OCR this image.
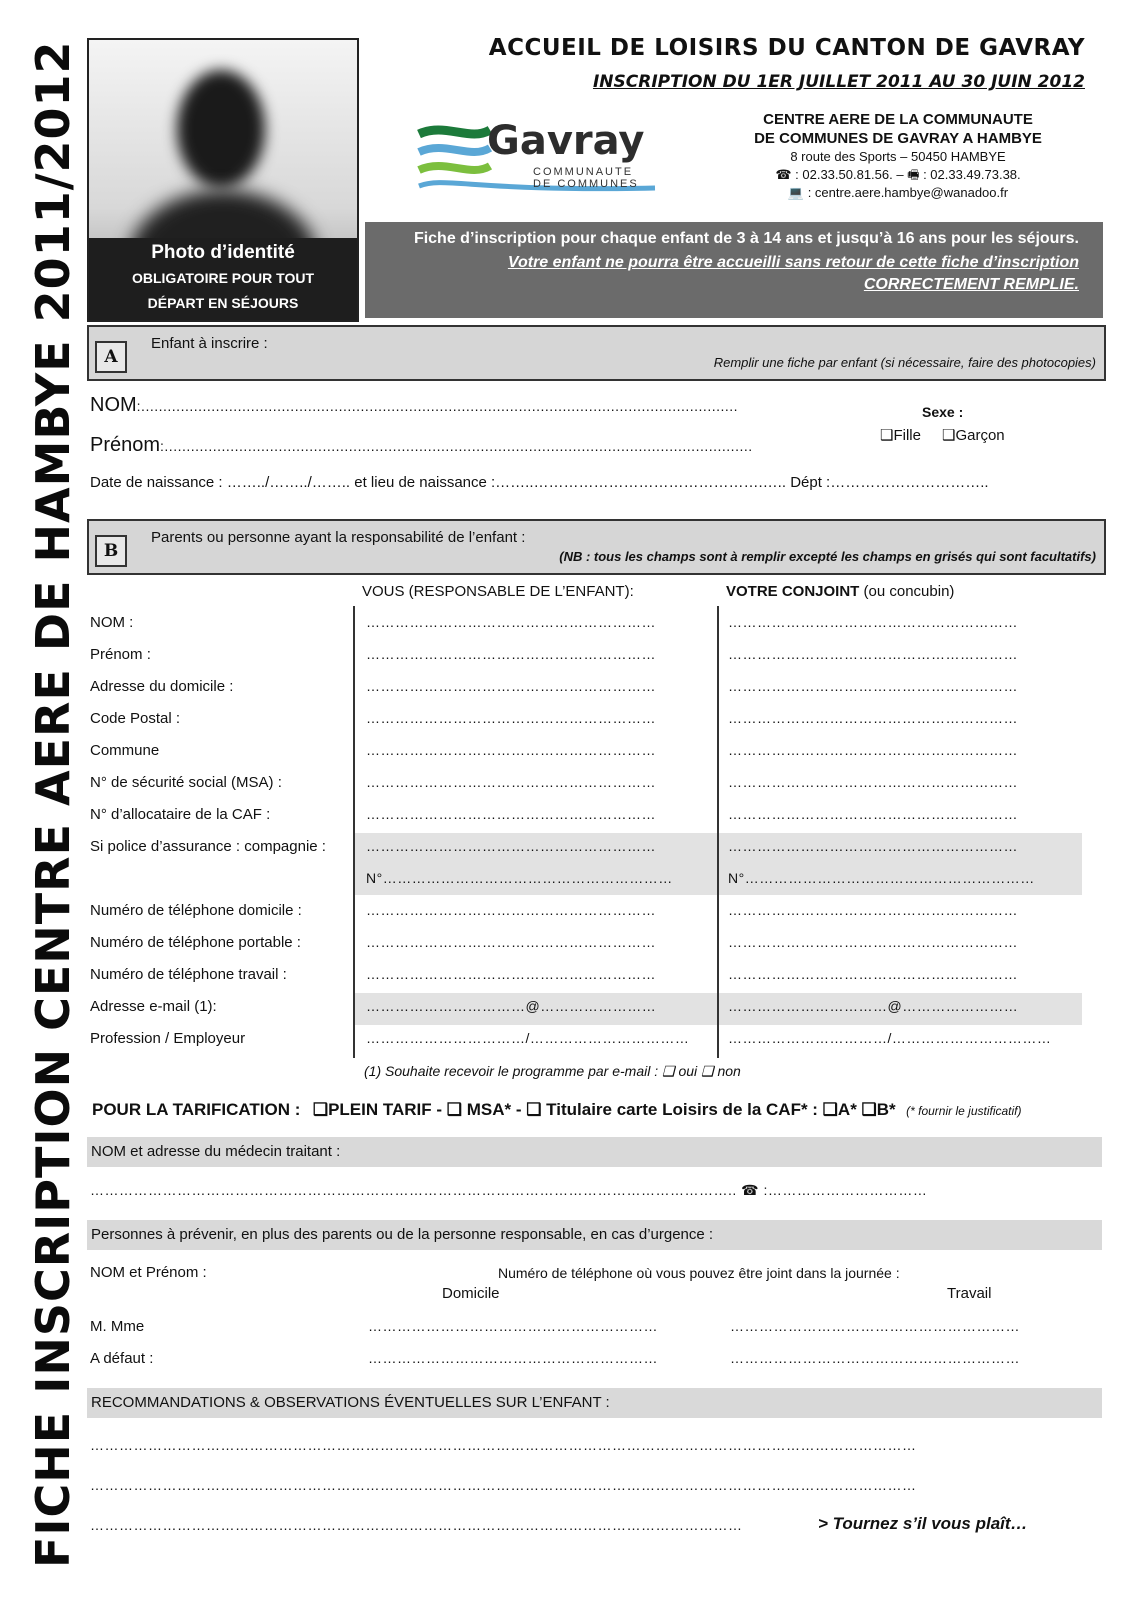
FICHE INSCRIPTION CENTRE AERE DE HAMBYE 2011/2012	Photo d’identité
OBLIGATOIRE POUR TOUT
DÉPART EN SÉJOURS
ACCUEIL DE LOISIRS DU CANTON DE GAVRAY
INSCRIPTION DU 1ER JUILLET 2011 AU 30 JUIN 2012
Gavray
COMMUNAUTE
DE COMMUNES
CENTRE AERE DE LA COMMUNAUTE
DE COMMUNES DE GAVRAY A HAMBYE
8 route des Sports – 50450 HAMBYE
☎ : 02.33.50.81.56. – 🖷 : 02.33.49.73.38.
💻 : centre.aere.hambye@wanadoo.fr
Fiche d’inscription pour chaque enfant de 3 à 14 ans et jusqu’à 16 ans pour les séjours.
Votre enfant ne pourra être accueilli sans retour de cette fiche d’inscription
CORRECTEMENT REMPLIE.
A
Enfant à inscrire :
Remplir une fiche par enfant (si nécessaire, faire des photocopies)
NOM:........................................................................................................................................
Prénom:......................................................................................................................................
Sexe :
❑Fille ❑Garçon
Date de naissance : ……../……../…….. et lieu de naissance :……..……………………………………….….. Dépt :…………………………..
B
Parents ou personne ayant la responsabilité de l’enfant :
(NB : tous les champs sont à remplir excepté les champs en grisés qui sont facultatifs)
VOUS (RESPONSABLE DE L’ENFANT):	VOTRE CONJOINT (ou concubin)
NOM :	……………………………………………………	……………………………………………………
Prénom :	……………………………………………………	……………………………………………………
Adresse du domicile :	……………………………………………………	……………………………………………………
Code Postal :	……………………………………………………	……………………………………………………
Commune	……………………………………………………	……………………………………………………
N° de sécurité social (MSA) :	……………………………………………………	……………………………………………………
N° d’allocataire de la CAF :	……………………………………………………	……………………………………………………
Si police d’assurance : compagnie :	……………………………………………………	……………………………………………………
N°……………………………………………………	N°……………………………………………………
Numéro de téléphone domicile :	……………………………………………………	……………………………………………………
Numéro de téléphone portable :	……………………………………………………	……………………………………………………
Numéro de téléphone travail :	……………………………………………………	……………………………………………………
Adresse e-mail (1):	……………………………@……………………	……………………………@……………………
Profession / Employeur	……………………………/……………………………	……………………………/……………………………
(1) Souhaite recevoir le programme par e-mail : ❑ oui ❑ non
POUR LA TARIFICATION : ❑PLEIN TARIF - ❑ MSA* - ❑ Titulaire carte Loisirs de la CAF* : ❑A* ❑B* (* fournir le justificatif)
NOM et adresse du médecin traitant :
…………………………………………………………………………………………………………………….. ☎ :……………………………
Personnes à prévenir, en plus des parents ou de la personne responsable, en cas d’urgence :
NOM et Prénom :	Numéro de téléphone où vous pouvez être joint dans la journée :
Domicile	Travail
M. Mme	……………………………………………………	……………………………………………………
A défaut :	……………………………………………………	……………………………………………………
RECOMMANDATIONS & OBSERVATIONS ÉVENTUELLES SUR L’ENFANT :
………………………………………………………………………………………………………………………………………………………
………………………………………………………………………………………………………………………………………………………
………………………………………………………………………………………………………………………	> Tournez s’il vous plaît…
